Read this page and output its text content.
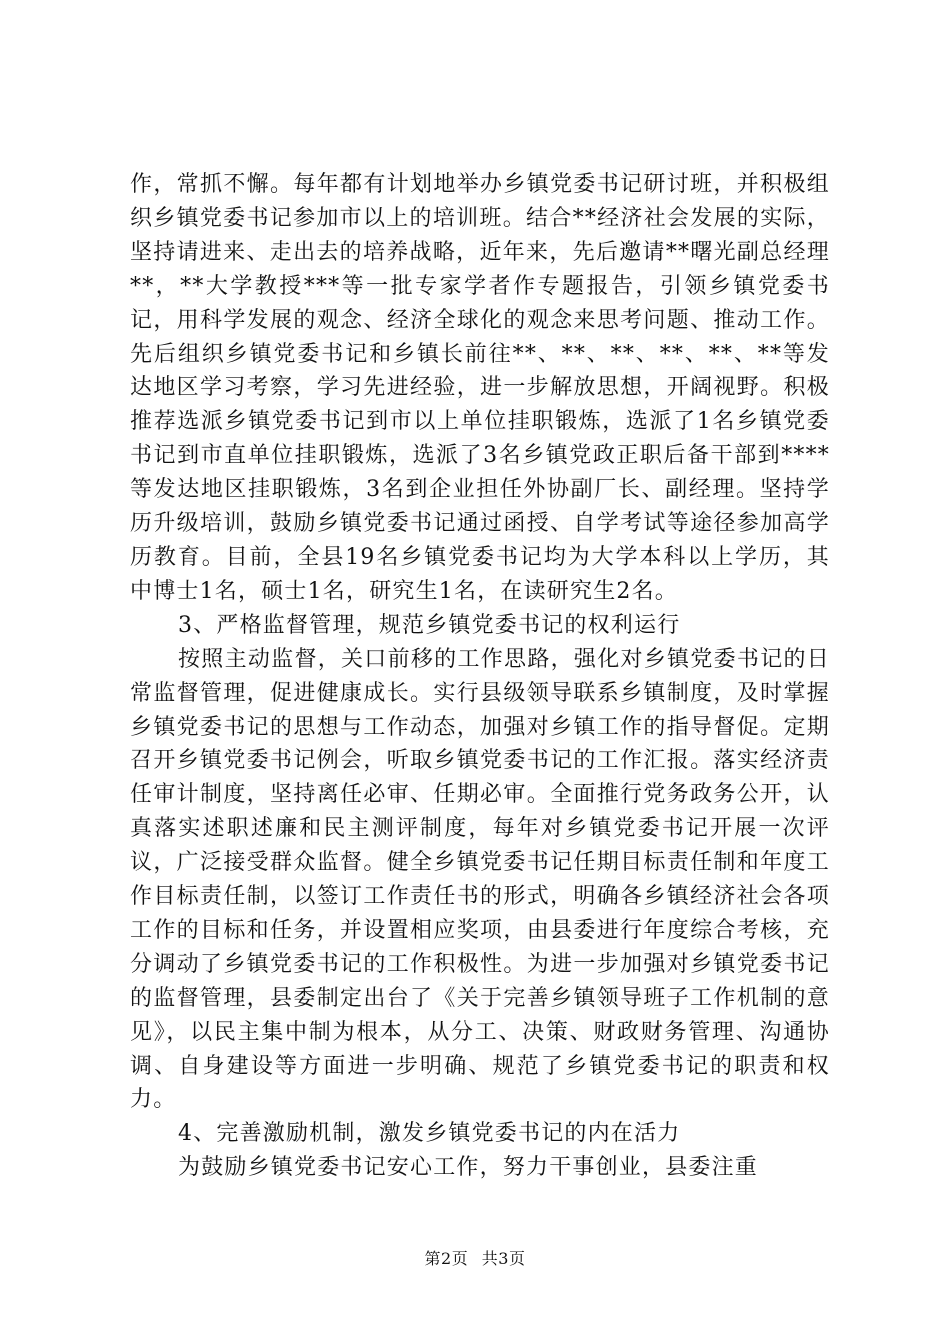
作，常抓不懈。每年都有计划地举办乡镇党委书记研讨班，并积极组织乡镇党委书记参加市以上的培训班。结合**经济社会发展的实际，坚持请进来、走出去的培养战略，近年来，先后邀请**曙光副总经理**，**大学教授***等一批专家学者作专题报告，引领乡镇党委书记，用科学发展的观念、经济全球化的观念来思考问题、推动工作。先后组织乡镇党委书记和乡镇长前往**、**、**、**、**、**等发达地区学习考察，学习先进经验，进一步解放思想，开阔视野。积极推荐选派乡镇党委书记到市以上单位挂职锻炼，选派了1名乡镇党委书记到市直单位挂职锻炼，选派了3名乡镇党政正职后备干部到****等发达地区挂职锻炼，3名到企业担任外协副厂长、副经理。坚持学历升级培训，鼓励乡镇党委书记通过函授、自学考试等途径参加高学历教育。目前，全县19名乡镇党委书记均为大学本科以上学历，其中博士1名，硕士1名，研究生1名，在读研究生2名。

3、严格监督管理，规范乡镇党委书记的权利运行

按照主动监督，关口前移的工作思路，强化对乡镇党委书记的日常监督管理，促进健康成长。实行县级领导联系乡镇制度，及时掌握乡镇党委书记的思想与工作动态，加强对乡镇工作的指导督促。定期召开乡镇党委书记例会，听取乡镇党委书记的工作汇报。落实经济责任审计制度，坚持离任必审、任期必审。全面推行党务政务公开，认真落实述职述廉和民主测评制度，每年对乡镇党委书记开展一次评议，广泛接受群众监督。健全乡镇党委书记任期目标责任制和年度工作目标责任制，以签订工作责任书的形式，明确各乡镇经济社会各项工作的目标和任务，并设置相应奖项，由县委进行年度综合考核，充分调动了乡镇党委书记的工作积极性。为进一步加强对乡镇党委书记的监督管理，县委制定出台了《关于完善乡镇领导班子工作机制的意见》，以民主集中制为根本，从分工、决策、财政财务管理、沟通协调、自身建设等方面进一步明确、规范了乡镇党委书记的职责和权力。

4、完善激励机制，激发乡镇党委书记的内在活力

为鼓励乡镇党委书记安心工作，努力干事创业，县委注重

第2页 共3页
